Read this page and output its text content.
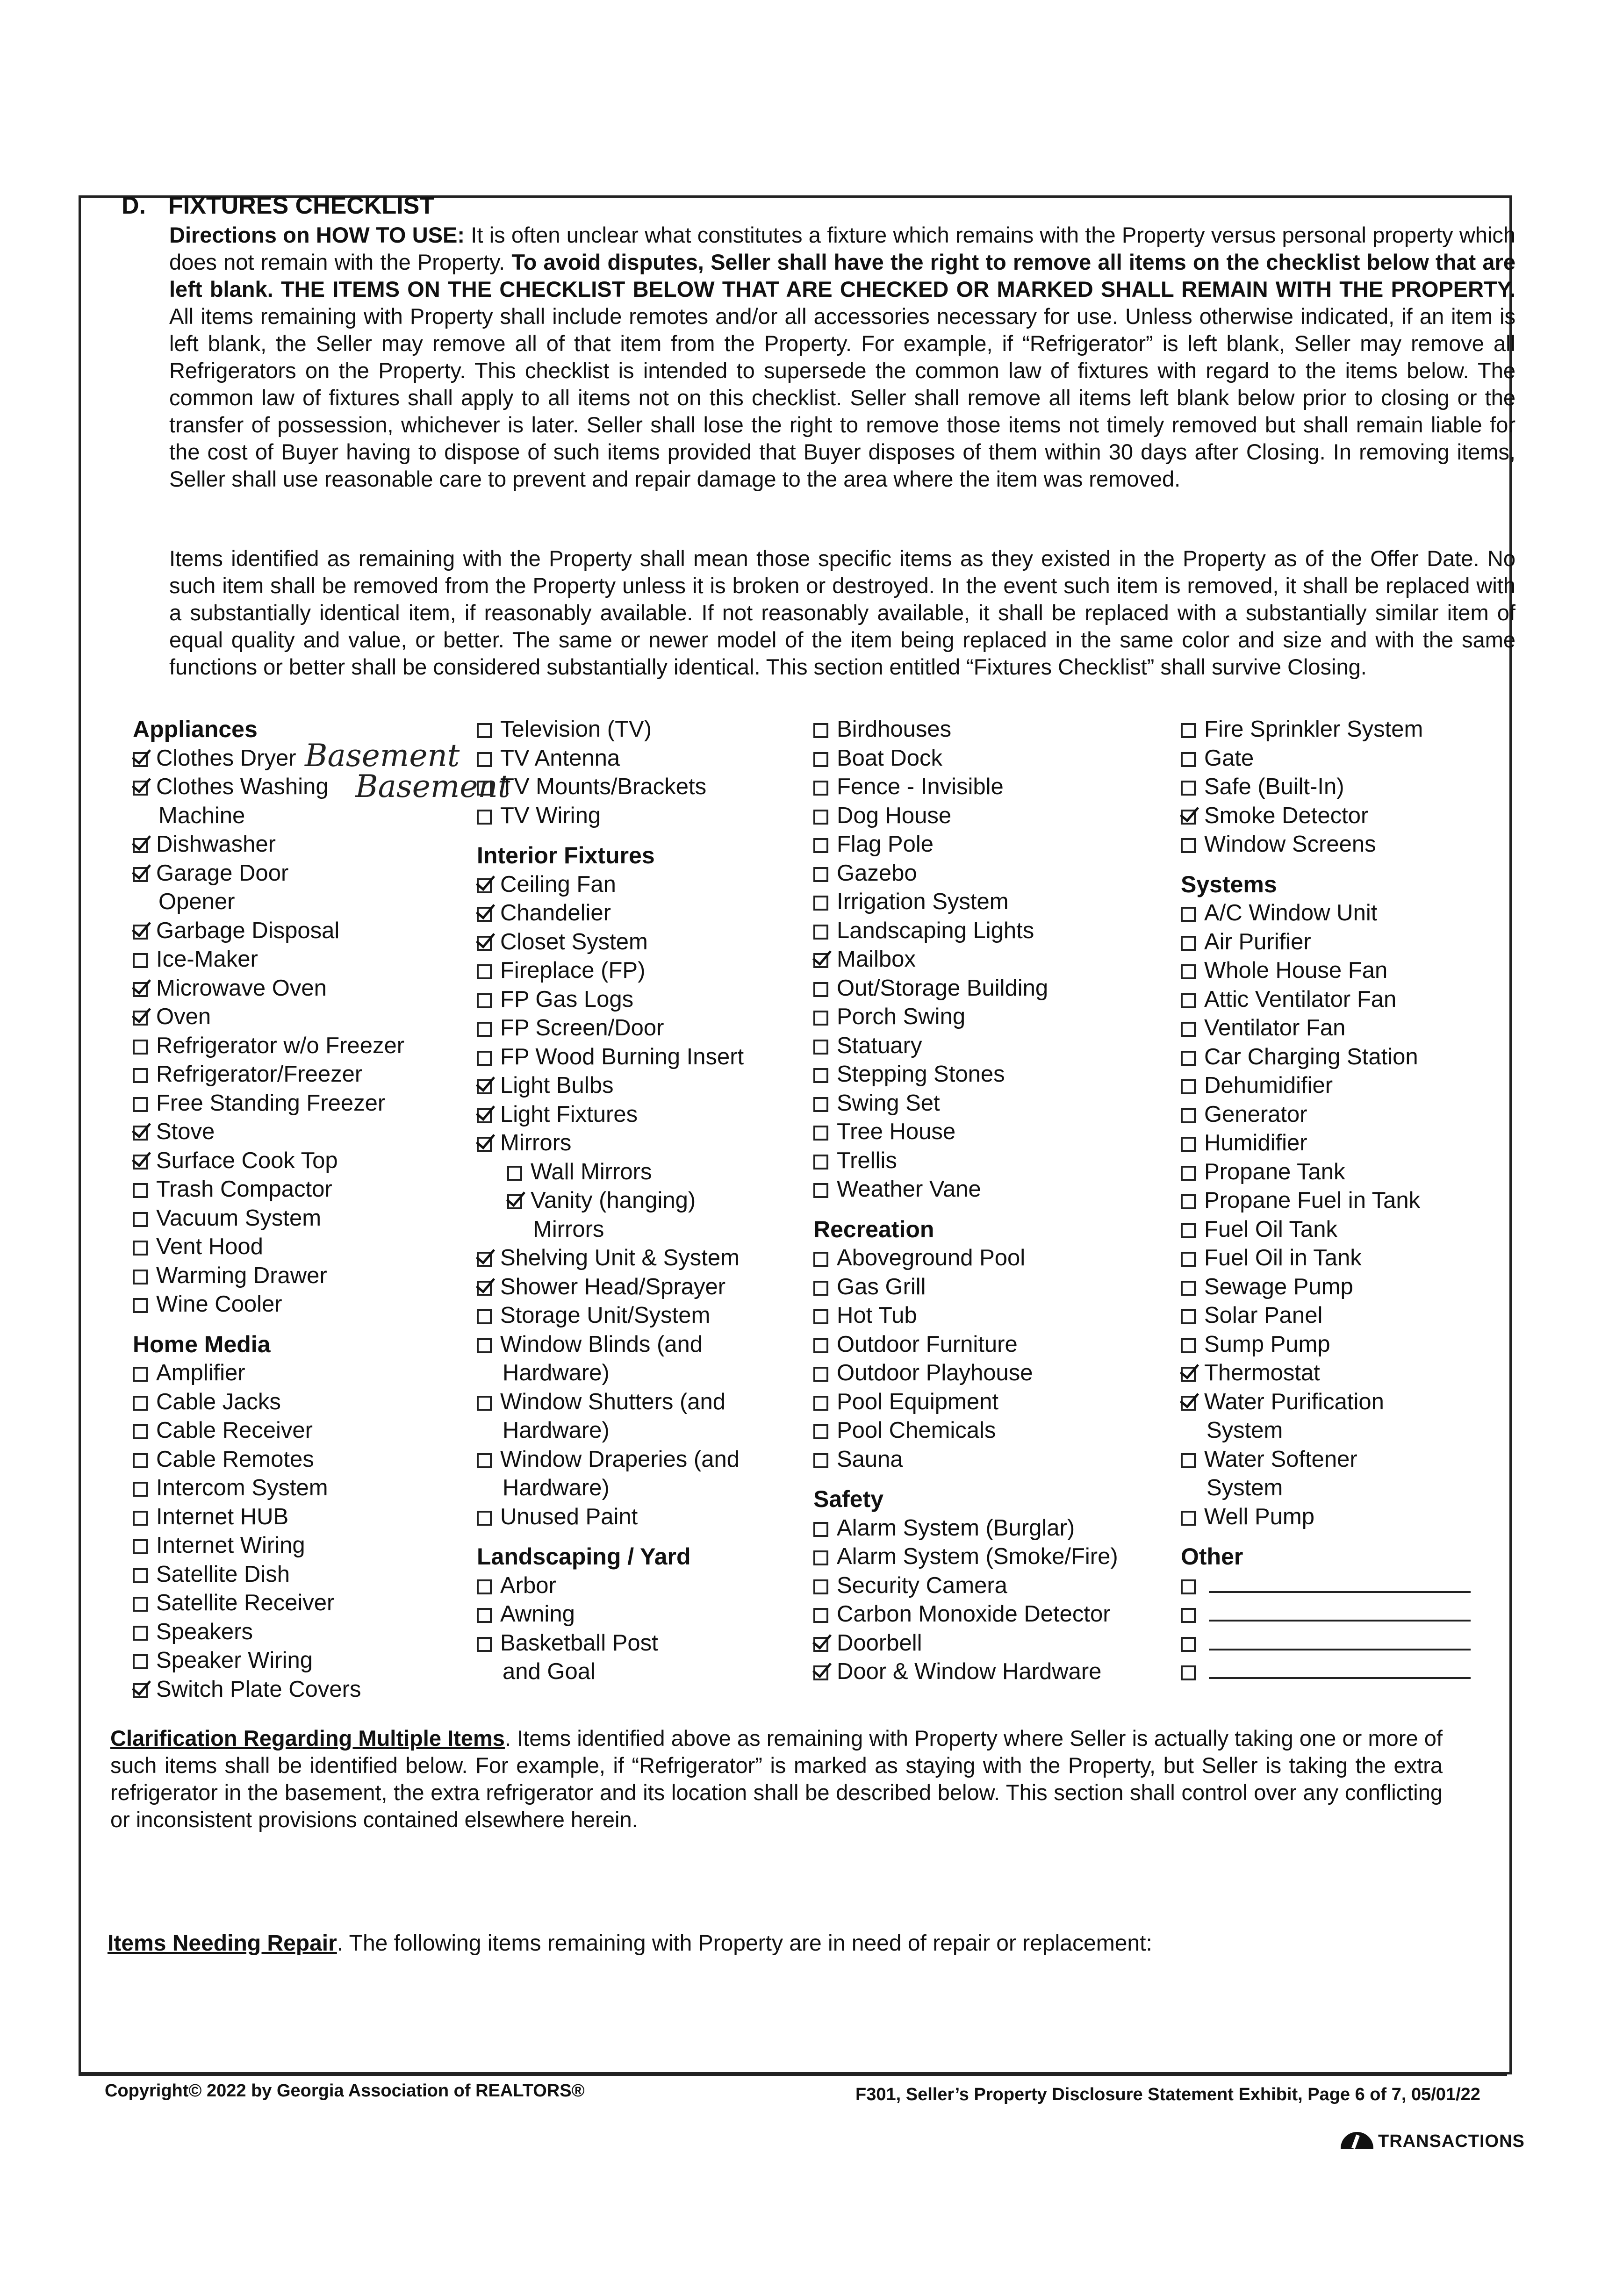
D. FIXTURES CHECKLIST
Directions on HOW TO USE: It is often unclear what constitutes a fixture which remains with the Property versus personal property which does not remain with the Property. To avoid disputes, Seller shall have the right to remove all items on the checklist below that are left blank. THE ITEMS ON THE CHECKLIST BELOW THAT ARE CHECKED OR MARKED SHALL REMAIN WITH THE PROPERTY. All items remaining with Property shall include remotes and/or all accessories necessary for use. Unless otherwise indicated, if an item is left blank, the Seller may remove all of that item from the Property. For example, if “Refrigerator” is left blank, Seller may remove all Refrigerators on the Property. This checklist is intended to supersede the common law of fixtures with regard to the items below. The common law of fixtures shall apply to all items not on this checklist. Seller shall remove all items left blank below prior to closing or the transfer of possession, whichever is later. Seller shall lose the right to remove those items not timely removed but shall remain liable for the cost of Buyer having to dispose of such items provided that Buyer disposes of them within 30 days after Closing. In removing items, Seller shall use reasonable care to prevent and repair damage to the area where the item was removed.
Items identified as remaining with the Property shall mean those specific items as they existed in the Property as of the Offer Date. No such item shall be removed from the Property unless it is broken or destroyed. In the event such item is removed, it shall be replaced with a substantially identical item, if reasonably available. If not reasonably available, it shall be replaced with a substantially similar item of equal quality and value, or better. The same or newer model of the item being replaced in the same color and size and with the same functions or better shall be considered substantially identical. This section entitled “Fixtures Checklist” shall survive Closing.
Appliances
Clothes Dryer
Clothes Washing
Machine
Dishwasher
Garage Door
Opener
Garbage Disposal
Ice-Maker
Microwave Oven
Oven
Refrigerator w/o Freezer
Refrigerator/Freezer
Free Standing Freezer
Stove
Surface Cook Top
Trash Compactor
Vacuum System
Vent Hood
Warming Drawer
Wine Cooler
Home Media
Amplifier
Cable Jacks
Cable Receiver
Cable Remotes
Intercom System
Internet HUB
Internet Wiring
Satellite Dish
Satellite Receiver
Speakers
Speaker Wiring
Switch Plate Covers
Basement
Basement
Television (TV)
TV Antenna
TV Mounts/Brackets
TV Wiring
Interior Fixtures
Ceiling Fan
Chandelier
Closet System
Fireplace (FP)
FP Gas Logs
FP Screen/Door
FP Wood Burning Insert
Light Bulbs
Light Fixtures
Mirrors
Wall Mirrors
Vanity (hanging)
Mirrors
Shelving Unit & System
Shower Head/Sprayer
Storage Unit/System
Window Blinds (and
Hardware)
Window Shutters (and
Hardware)
Window Draperies (and
Hardware)
Unused Paint
Landscaping / Yard
Arbor
Awning
Basketball Post
and Goal
Birdhouses
Boat Dock
Fence - Invisible
Dog House
Flag Pole
Gazebo
Irrigation System
Landscaping Lights
Mailbox
Out/Storage Building
Porch Swing
Statuary
Stepping Stones
Swing Set
Tree House
Trellis
Weather Vane
Recreation
Aboveground Pool
Gas Grill
Hot Tub
Outdoor Furniture
Outdoor Playhouse
Pool Equipment
Pool Chemicals
Sauna
Safety
Alarm System (Burglar)
Alarm System (Smoke/Fire)
Security Camera
Carbon Monoxide Detector
Doorbell
Door & Window Hardware
Fire Sprinkler System
Gate
Safe (Built-In)
Smoke Detector
Window Screens
Systems
A/C Window Unit
Air Purifier
Whole House Fan
Attic Ventilator Fan
Ventilator Fan
Car Charging Station
Dehumidifier
Generator
Humidifier
Propane Tank
Propane Fuel in Tank
Fuel Oil Tank
Fuel Oil in Tank
Sewage Pump
Solar Panel
Sump Pump
Thermostat
Water Purification
System
Water Softener
System
Well Pump
Other
Clarification Regarding Multiple Items. Items identified above as remaining with Property where Seller is actually taking one or more of such items shall be identified below. For example, if “Refrigerator” is marked as staying with the Property, but Seller is taking the extra refrigerator in the basement, the extra refrigerator and its location shall be described below. This section shall control over any conflicting or inconsistent provisions contained elsewhere herein.
Items Needing Repair. The following items remaining with Property are in need of repair or replacement:
Copyright© 2022 by Georgia Association of REALTORS®	F301, Seller’s Property Disclosure Statement Exhibit, Page 6 of 7, 05/01/22
TRANSACTIONS
